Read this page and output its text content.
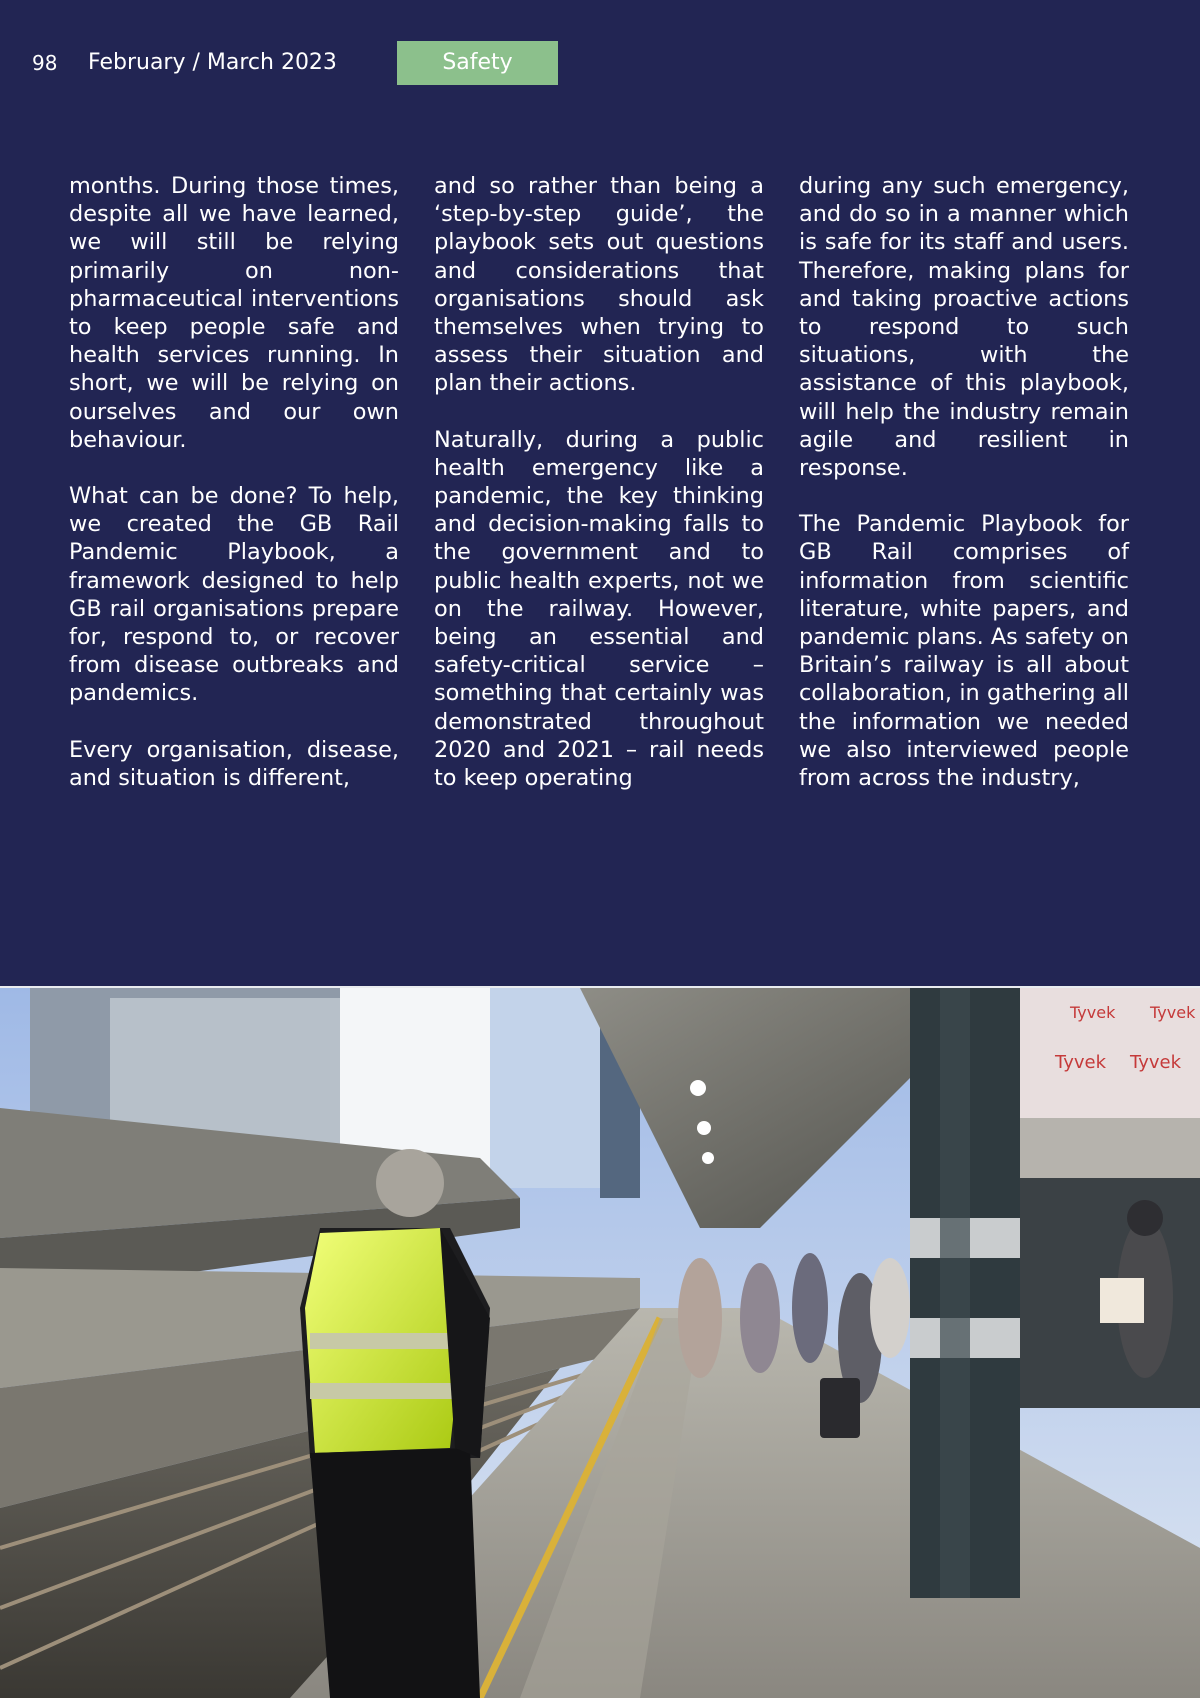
98 February / March 2023	Safety

months. During those times, despite all we have learned, we will still be relying primarily on non-pharmaceutical interventions to keep people safe and health services running. In short, we will be relying on ourselves and our own behaviour.

What can be done? To help, we created the GB Rail Pandemic Playbook, a framework designed to help GB rail organisations prepare for, respond to, or recover from disease outbreaks and pandemics.

Every organisation, disease, and situation is different,

and so rather than being a ‘step-by-step guide’, the playbook sets out questions and considerations that organisations should ask themselves when trying to assess their situation and plan their actions.

Naturally, during a public health emergency like a pandemic, the key thinking and decision-making falls to the government and to public health experts, not we on the railway. However, being an essential and safety-critical service – something that certainly was demonstrated throughout 2020 and 2021 – rail needs to keep operating

during any such emergency, and do so in a manner which is safe for its staff and users. Therefore, making plans for and taking proactive actions to respond to such situations, with the assistance of this playbook, will help the industry remain agile and resilient in response.

The Pandemic Playbook for GB Rail comprises of information from scientific literature, white papers, and pandemic plans. As safety on Britain’s railway is all about collaboration, in gathering all the information we needed we also interviewed people from across the industry,

Tyvek Tyvek
Tyvek
Tyvek
